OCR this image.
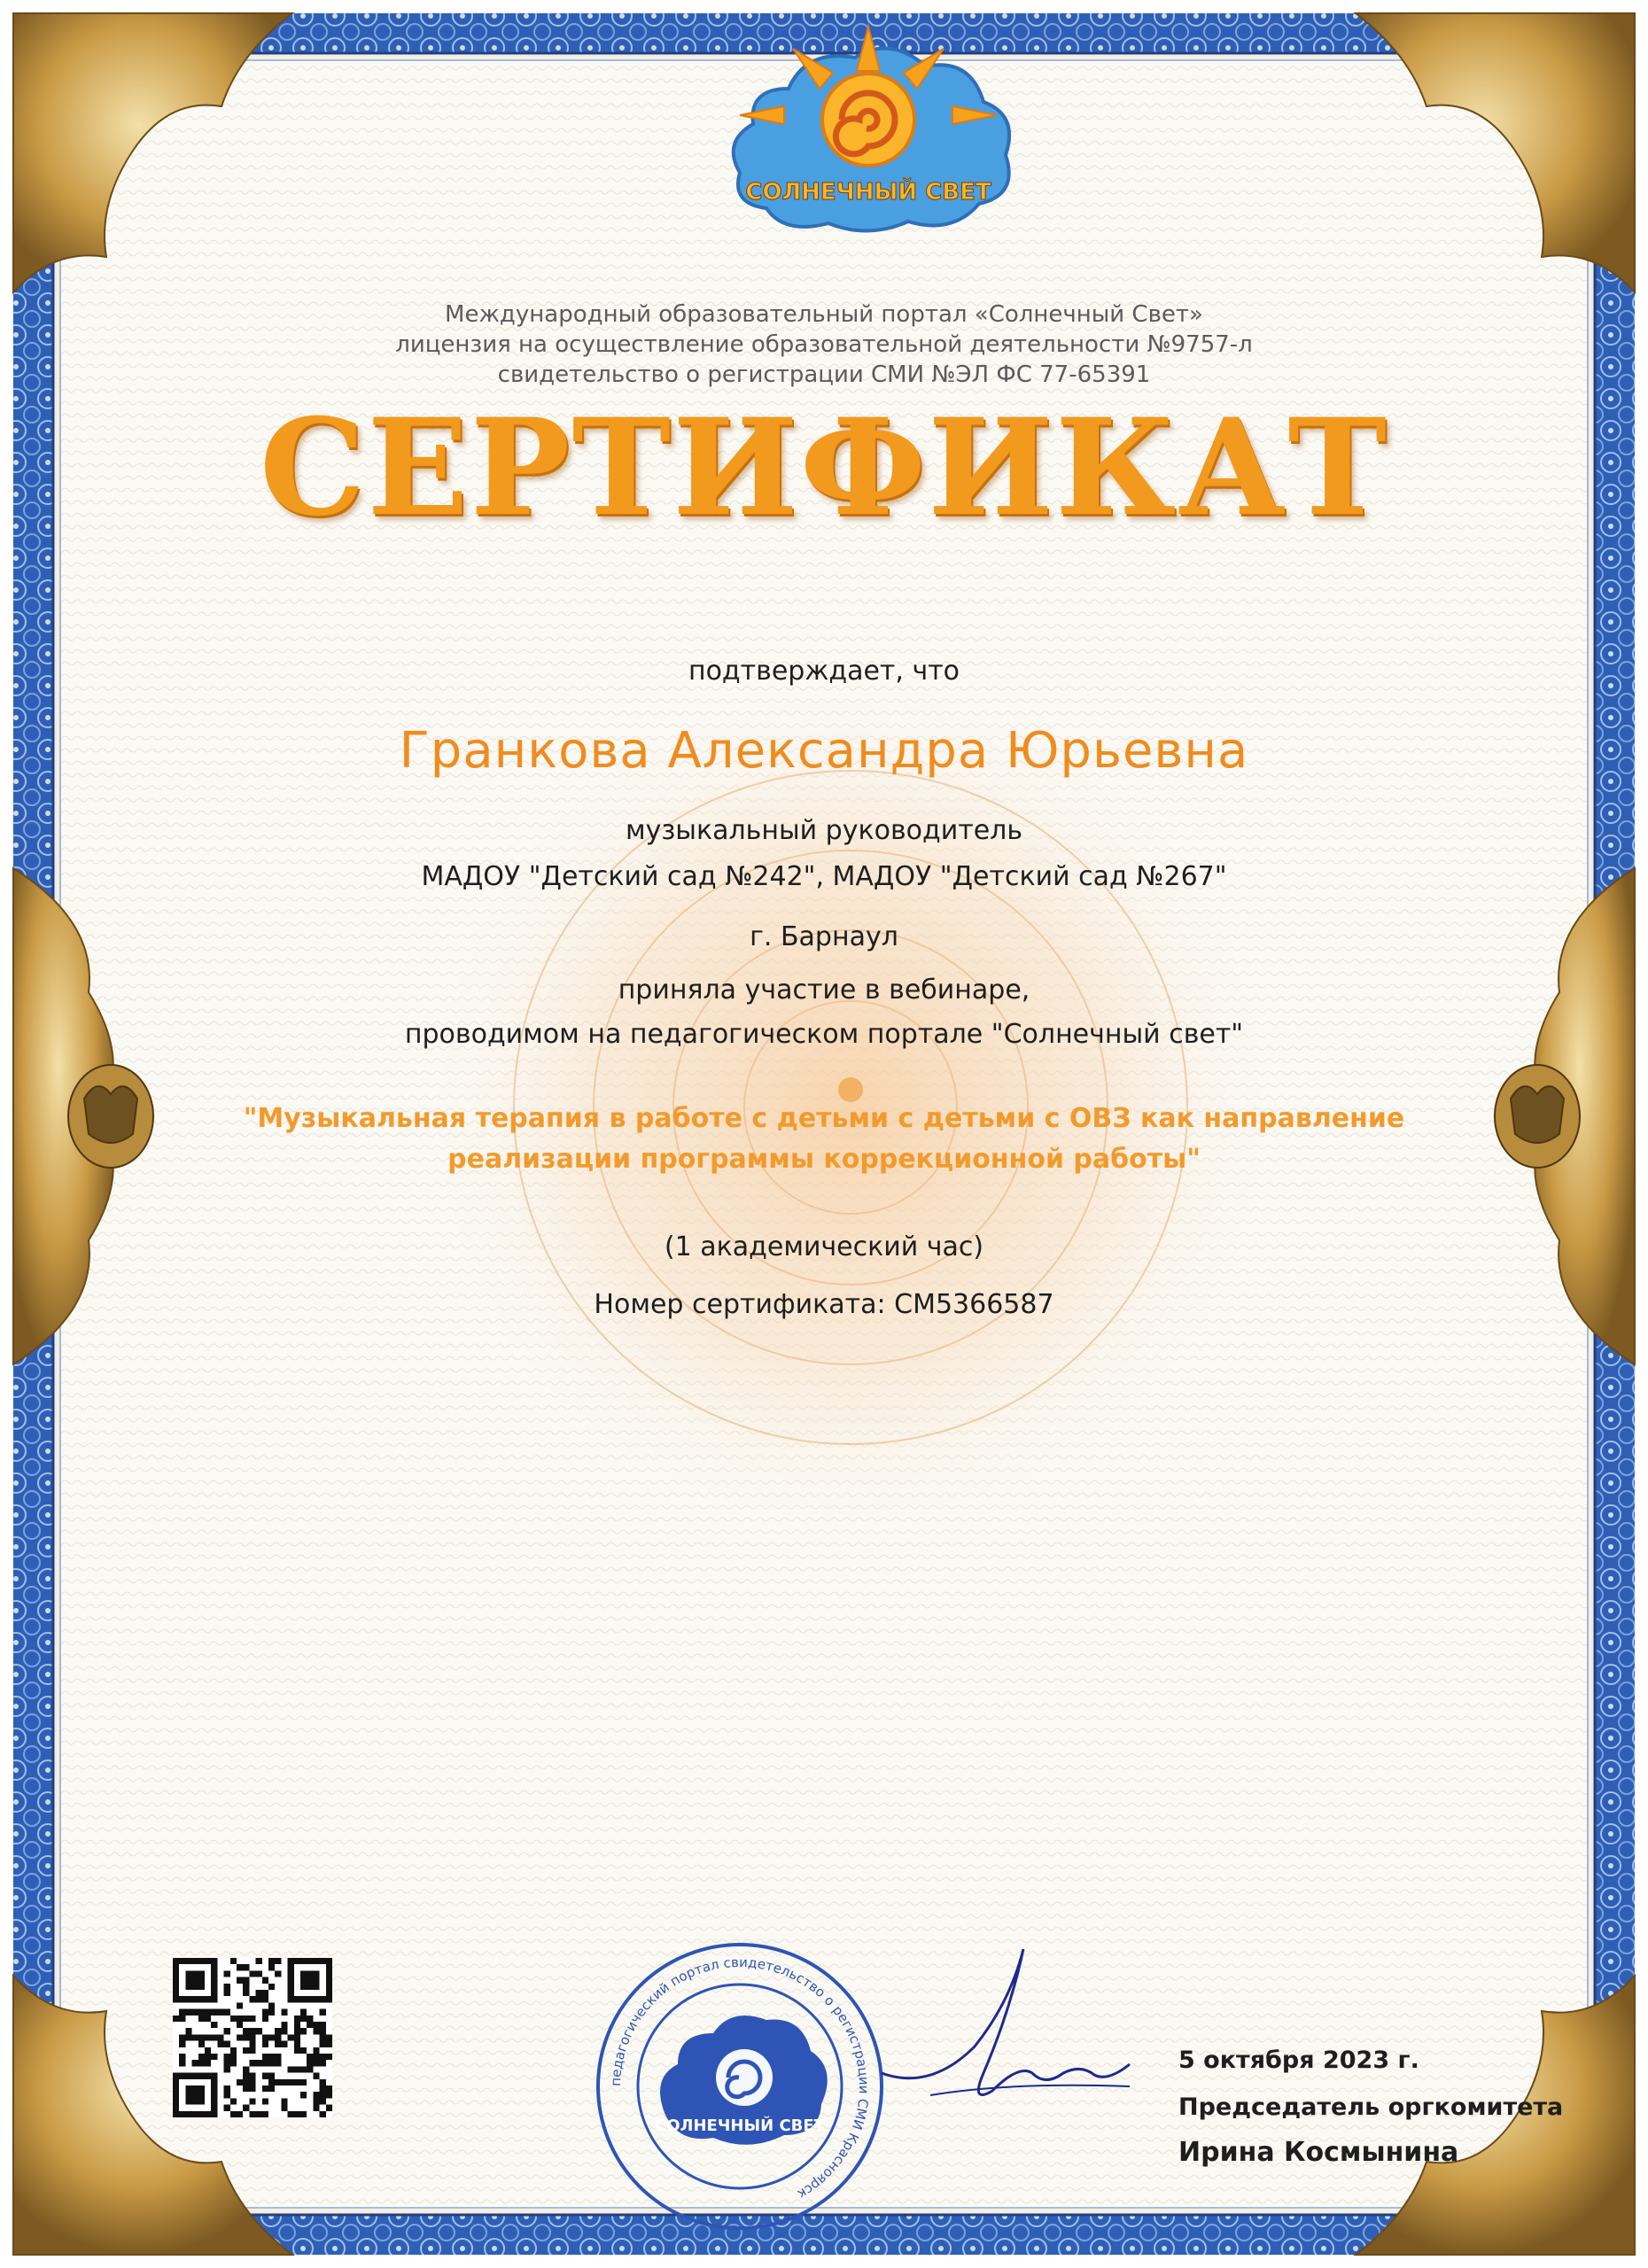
СОЛНЕЧНЫЙ СВЕТ
Международный образовательный портал «Солнечный Свет»
лицензия на осуществление образовательной деятельности №9757-л
свидетельство о регистрации СМИ №ЭЛ ФС 77-65391
СЕРТИФИКАТ
подтверждает, что
Гранкова Александра Юрьевна
музыкальный руководитель
МАДОУ "Детский сад №242", МАДОУ "Детский сад №267"
г. Барнаул
приняла участие в вебинаре,
проводимом на педагогическом портале "Солнечный свет"
"Музыкальная терапия в работе с детьми с детьми с ОВЗ как направление реализации программы коррекционной работы"
(1 академический час)
Номер сертификата: СМ5366587
педагогический портал свидетельство о регистрации СМИ Красноярск
СОЛНЕЧНЫЙ СВЕТ
5 октября 2023 г.
Председатель оргкомитета
Ирина Космынина
